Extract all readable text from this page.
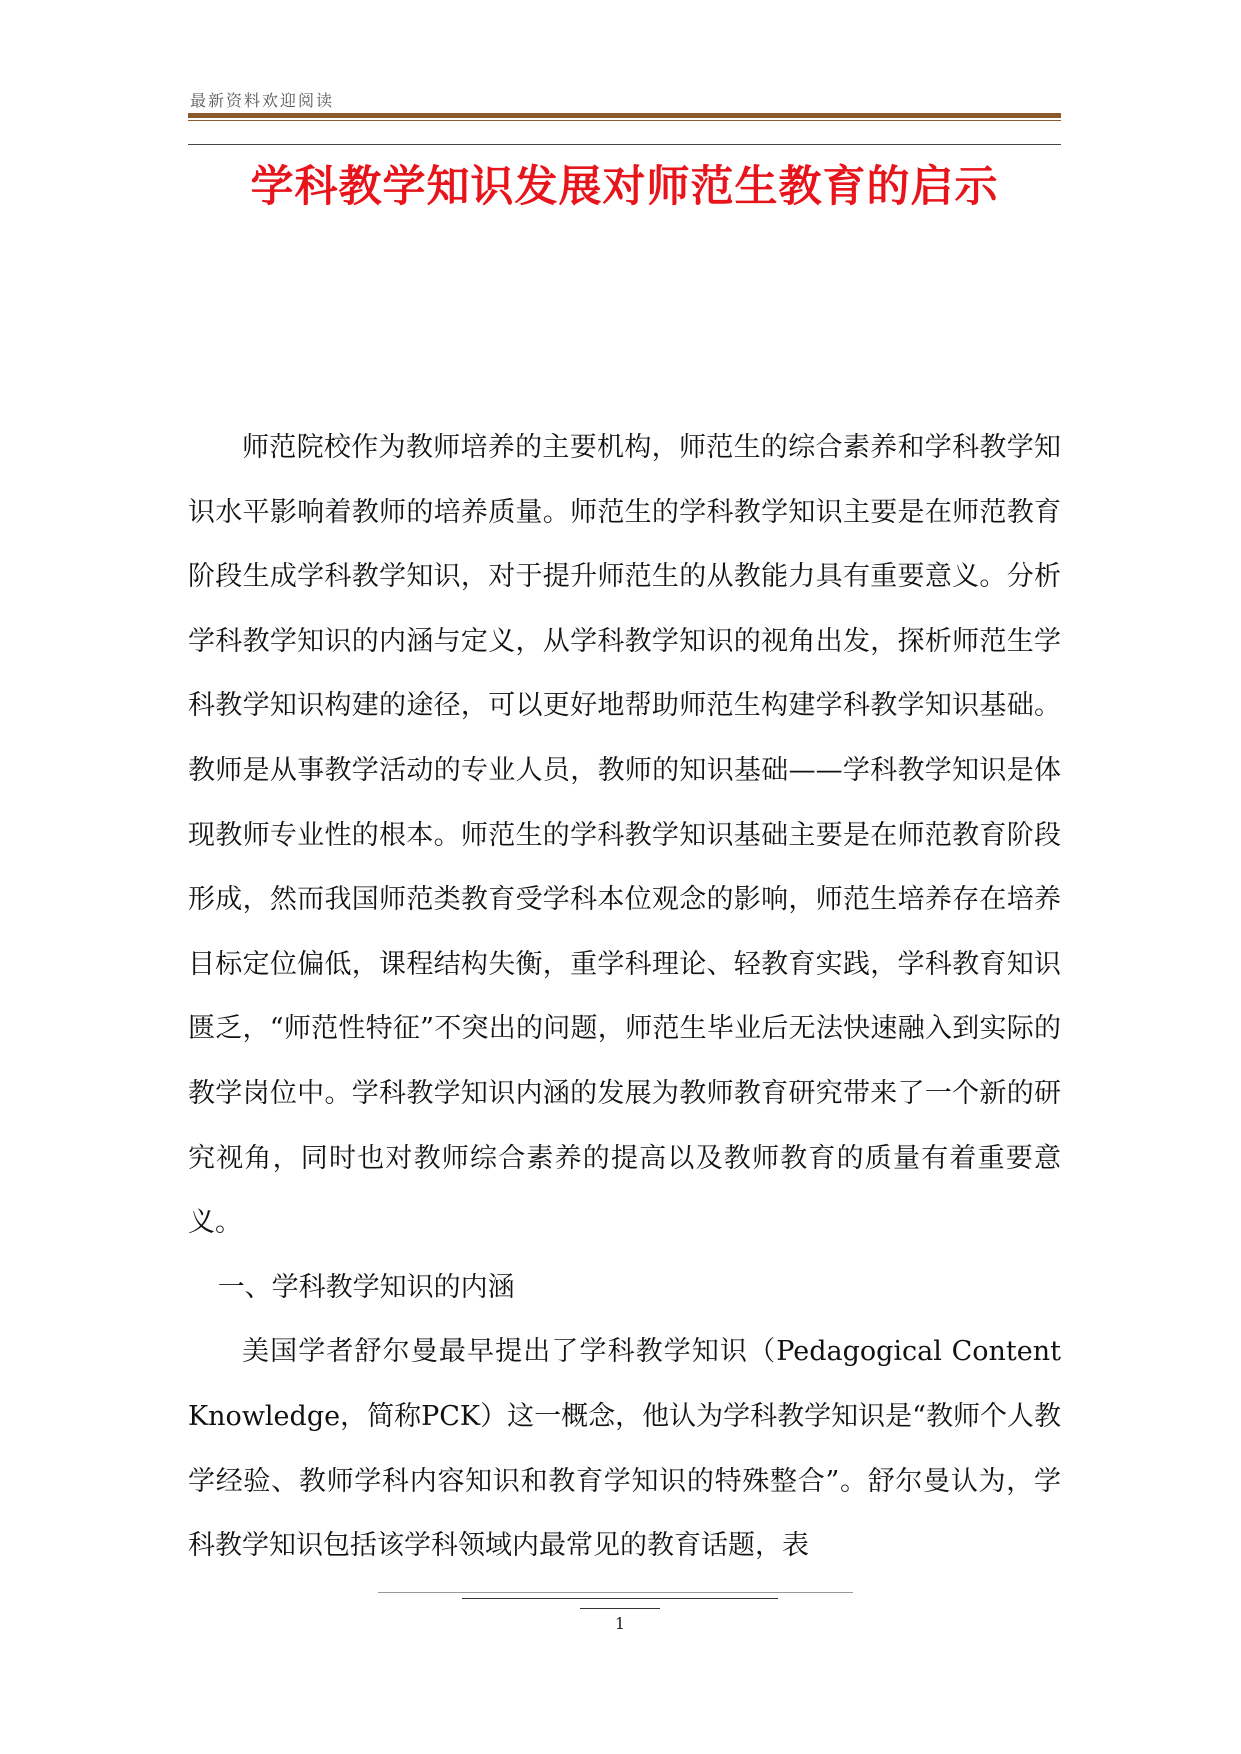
最新资料欢迎阅读
学科教学知识发展对师范生教育的启示

师范院校作为教师培养的主要机构，师范生的综合素养和学科教学知识水平影响着教师的培养质量。师范生的学科教学知识主要是在师范教育阶段生成学科教学知识，对于提升师范生的从教能力具有重要意义。分析学科教学知识的内涵与定义，从学科教学知识的视角出发，探析师范生学科教学知识构建的途径，可以更好地帮助师范生构建学科教学知识基础。教师是从事教学活动的专业人员，教师的知识基础——学科教学知识是体现教师专业性的根本。师范生的学科教学知识基础主要是在师范教育阶段形成，然而我国师范类教育受学科本位观念的影响，师范生培养存在培养目标定位偏低，课程结构失衡，重学科理论、轻教育实践，学科教育知识匮乏，“师范性特征”不突出的问题，师范生毕业后无法快速融入到实际的教学岗位中。学科教学知识内涵的发展为教师教育研究带来了一个新的研究视角，同时也对教师综合素养的提高以及教师教育的质量有着重要意义。

一、学科教学知识的内涵

美国学者舒尔曼最早提出了学科教学知识（Pedagogical Content Knowledge，简称PCK）这一概念，他认为学科教学知识是“教师个人教学经验、教师学科内容知识和教育学知识的特殊整合”。舒尔曼认为，学科教学知识包括该学科领域内最常见的教育话题，表

1
